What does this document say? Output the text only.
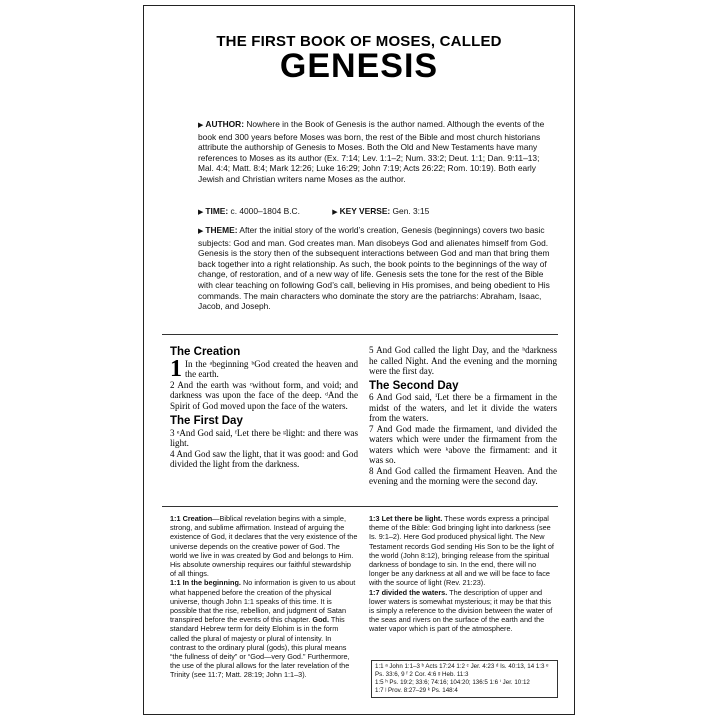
THE FIRST BOOK OF MOSES, CALLED
GENESIS
▶ AUTHOR: Nowhere in the Book of Genesis is the author named. Although the events of the book end 300 years before Moses was born, the rest of the Bible and most church historians attribute the authorship of Genesis to Moses. Both the Old and New Testaments have many references to Moses as its author (Ex. 7:14; Lev. 1:1–2; Num. 33:2; Deut. 1:1; Dan. 9:11–13; Mal. 4:4; Matt. 8:4; Mark 12:26; Luke 16:29; John 7:19; Acts 26:22; Rom. 10:19). Both early Jewish and Christian writers name Moses as the author.
▶ TIME: c. 4000–1804 B.C.	▶ KEY VERSE: Gen. 3:15
▶ THEME: After the initial story of the world’s creation, Genesis (beginnings) covers two basic subjects: God and man. God creates man. Man disobeys God and alienates himself from God. Genesis is the story then of the subsequent interactions between God and man that bring them back together into a right relationship. As such, the book points to the beginnings of the way of change, of restoration, and of a new way of life. Genesis sets the tone for the rest of the Bible with clear teaching on following God’s call, believing in His promises, and being obedient to His commands. The main characters who dominate the story are the patriarchs: Abraham, Isaac, Jacob, and Joseph.
The Creation

1 In the ᵃbeginning ᵇGod created the heaven and the earth.

2 And the earth was ᶜwithout form, and void; and darkness was upon the face of the deep. ᵈAnd the Spirit of God moved upon the face of the waters.

The First Day

3 ᵉAnd God said, ᶠLet there be ᵍlight: and there was light.

4 And God saw the light, that it was good: and God divided the light from the darkness.

5 And God called the light Day, and the ʰdarkness he called Night. And the evening and the morning were the first day.

The Second Day

6 And God said, ⁱLet there be a firmament in the midst of the waters, and let it divide the waters from the waters.

7 And God made the firmament, ʲand divided the waters which were under the firmament from the waters which were ᵏabove the firmament: and it was so.

8 And God called the firmament Heaven. And the evening and the morning were the second day.

1:1 Creation—Biblical revelation begins with a simple, strong, and sublime affirmation. Instead of arguing the existence of God, it declares that the very existence of the universe depends on the creative power of God. The world we live in was created by God and belongs to Him. His absolute ownership requires our faithful stewardship of all things.
1:1 In the beginning. No information is given to us about what happened before the creation of the physical universe, though John 1:1 speaks of this time. It is possible that the rise, rebellion, and judgment of Satan transpired before the events of this chapter. God. This standard Hebrew term for deity Elohim is in the form called the plural of majesty or plural of intensity. In contrast to the ordinary plural (gods), this plural means “the fullness of deity” or “God—very God.” Furthermore, the use of the plural allows for the later revelation of the Trinity (see 11:7; Matt. 28:19; John 1:1–3).
1:3 Let there be light. These words express a principal theme of the Bible: God bringing light into darkness (see Is. 9:1–2). Here God produced physical light. The New Testament records God sending His Son to be the light of the world (John 8:12), bringing release from the spiritual darkness of bondage to sin. In the end, there will no longer be any darkness at all and we will be face to face with the source of light (Rev. 21:23).
1:7 divided the waters. The description of upper and lower waters is somewhat mysterious; it may be that this is simply a reference to the division between the water of the seas and rivers on the surface of the earth and the water vapor which is part of the atmosphere.
1:1 ᵃ John 1:1–3 ᵇ Acts 17:24 1:2 ᶜ Jer. 4:23 ᵈ Is. 40:13, 14 1:3 ᵉ Ps. 33:6, 9 ᶠ 2 Cor. 4:6 ᵍ Heb. 11:3
1:5 ʰ Ps. 19:2; 33:6; 74:16; 104:20; 136:5 1:6 ⁱ Jer. 10:12
1:7 ʲ Prov. 8:27–29 ᵏ Ps. 148:4
